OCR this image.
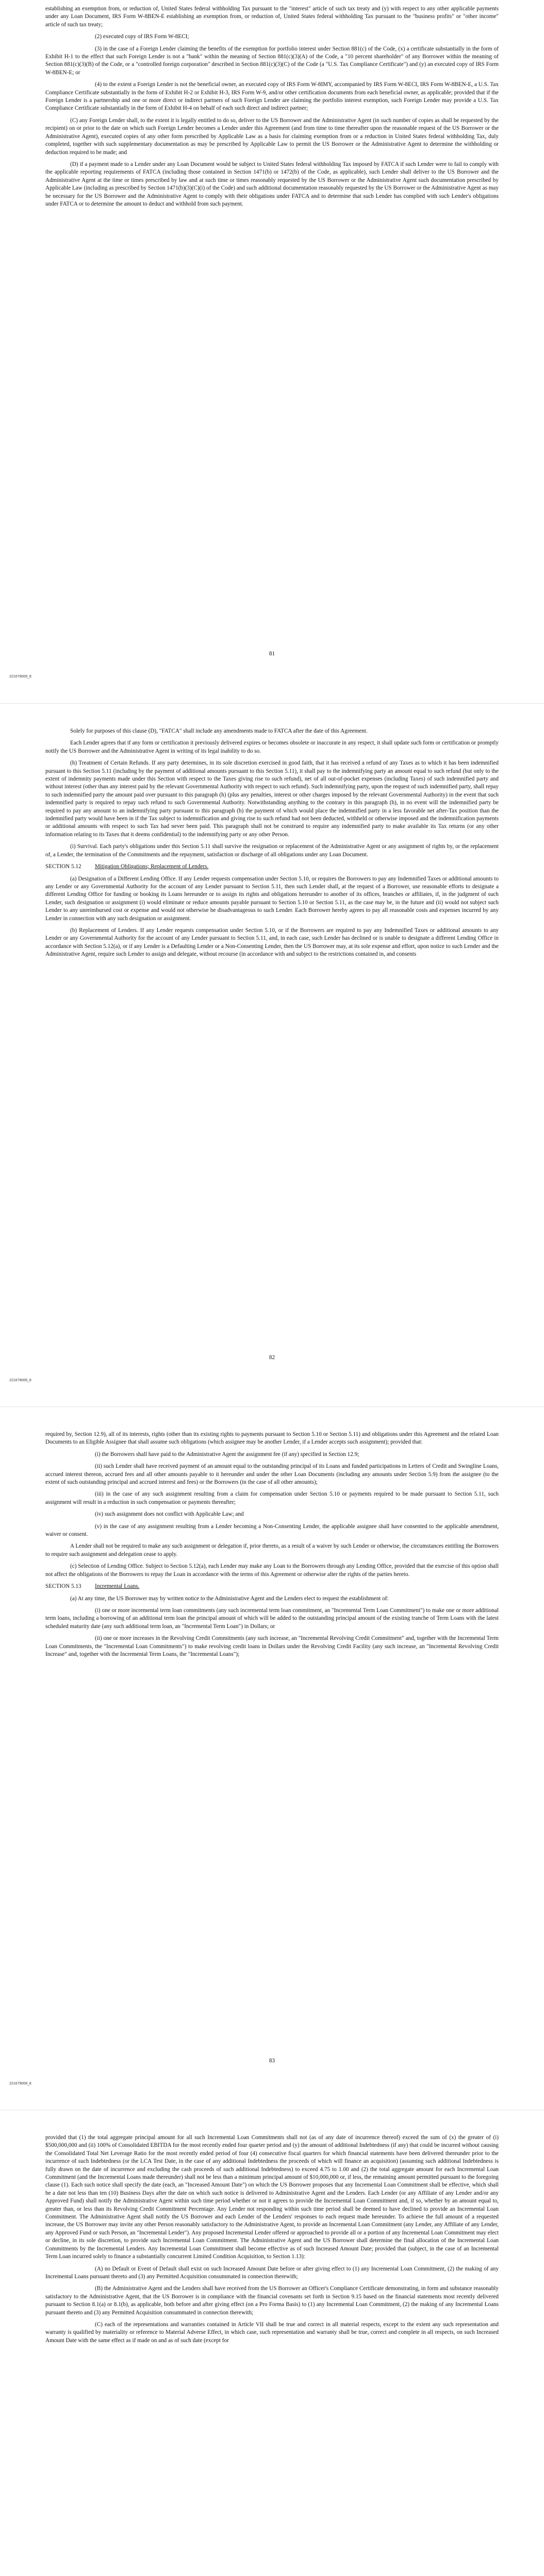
establishing an exemption from, or reduction of, United States federal withholding Tax pursuant to the "interest" article of such tax treaty and (y) with respect to any other applicable payments under any Loan Document, IRS Form W-8BEN-E establishing an exemption from, or reduction of, United States federal withholding Tax pursuant to the "business profits" or "other income" article of such tax treaty;

(2) executed copy of IRS Form W-8ECI;

(3) in the case of a Foreign Lender claiming the benefits of the exemption for portfolio interest under Section 881(c) of the Code, (x) a certificate substantially in the form of Exhibit H-1 to the effect that such Foreign Lender is not a "bank" within the meaning of Section 881(c)(3)(A) of the Code, a "10 percent shareholder" of any Borrower within the meaning of Section 881(c)(3)(B) of the Code, or a "controlled foreign corporation" described in Section 881(c)(3)(C) of the Code (a "U.S. Tax Compliance Certificate") and (y) an executed copy of IRS Form W-8BEN-E; or

(4) to the extent a Foreign Lender is not the beneficial owner, an executed copy of IRS Form W-8IMY, accompanied by IRS Form W-8ECI, IRS Form W-8BEN-E, a U.S. Tax Compliance Certificate substantially in the form of Exhibit H-2 or Exhibit H-3, IRS Form W-9, and/or other certification documents from each beneficial owner, as applicable; provided that if the Foreign Lender is a partnership and one or more direct or indirect partners of such Foreign Lender are claiming the portfolio interest exemption, such Foreign Lender may provide a U.S. Tax Compliance Certificate substantially in the form of Exhibit H-4 on behalf of each such direct and indirect partner;

(C) any Foreign Lender shall, to the extent it is legally entitled to do so, deliver to the US Borrower and the Administrative Agent (in such number of copies as shall be requested by the recipient) on or prior to the date on which such Foreign Lender becomes a Lender under this Agreement (and from time to time thereafter upon the reasonable request of the US Borrower or the Administrative Agent), executed copies of any other form prescribed by Applicable Law as a basis for claiming exemption from or a reduction in United States federal withholding Tax, duly completed, together with such supplementary documentation as may be prescribed by Applicable Law to permit the US Borrower or the Administrative Agent to determine the withholding or deduction required to be made; and

(D) if a payment made to a Lender under any Loan Document would be subject to United States federal withholding Tax imposed by FATCA if such Lender were to fail to comply with the applicable reporting requirements of FATCA (including those contained in Section 1471(b) or 1472(b) of the Code, as applicable), such Lender shall deliver to the US Borrower and the Administrative Agent at the time or times prescribed by law and at such time or times reasonably requested by the US Borrower or the Administrative Agent such documentation prescribed by Applicable Law (including as prescribed by Section 1471(b)(3)(C)(i) of the Code) and such additional documentation reasonably requested by the US Borrower or the Administrative Agent as may be necessary for the US Borrower and the Administrative Agent to comply with their obligations under FATCA and to determine that such Lender has complied with such Lender's obligations under FATCA or to determine the amount to deduct and withhold from such payment.

81
221679009_8

Solely for purposes of this clause (D), "FATCA" shall include any amendments made to FATCA after the date of this Agreement.

Each Lender agrees that if any form or certification it previously delivered expires or becomes obsolete or inaccurate in any respect, it shall update such form or certification or promptly notify the US Borrower and the Administrative Agent in writing of its legal inability to do so.

(h) Treatment of Certain Refunds. If any party determines, in its sole discretion exercised in good faith, that it has received a refund of any Taxes as to which it has been indemnified pursuant to this Section 5.11 (including by the payment of additional amounts pursuant to this Section 5.11), it shall pay to the indemnifying party an amount equal to such refund (but only to the extent of indemnity payments made under this Section with respect to the Taxes giving rise to such refund), net of all out-of-pocket expenses (including Taxes) of such indemnified party and without interest (other than any interest paid by the relevant Governmental Authority with respect to such refund). Such indemnifying party, upon the request of such indemnified party, shall repay to such indemnified party the amount paid over pursuant to this paragraph (h) (plus any penalties, interest or other charges imposed by the relevant Governmental Authority) in the event that such indemnified party is required to repay such refund to such Governmental Authority. Notwithstanding anything to the contrary in this paragraph (h), in no event will the indemnified party be required to pay any amount to an indemnifying party pursuant to this paragraph (h) the payment of which would place the indemnified party in a less favorable net after-Tax position than the indemnified party would have been in if the Tax subject to indemnification and giving rise to such refund had not been deducted, withheld or otherwise imposed and the indemnification payments or additional amounts with respect to such Tax had never been paid. This paragraph shall not be construed to require any indemnified party to make available its Tax returns (or any other information relating to its Taxes that it deems confidential) to the indemnifying party or any other Person.

(i) Survival. Each party's obligations under this Section 5.11 shall survive the resignation or replacement of the Administrative Agent or any assignment of rights by, or the replacement of, a Lender, the termination of the Commitments and the repayment, satisfaction or discharge of all obligations under any Loan Document.

SECTION 5.12 Mitigation Obligations; Replacement of Lenders.

(a) Designation of a Different Lending Office. If any Lender requests compensation under Section 5.10, or requires the Borrowers to pay any Indemnified Taxes or additional amounts to any Lender or any Governmental Authority for the account of any Lender pursuant to Section 5.11, then such Lender shall, at the request of a Borrower, use reasonable efforts to designate a different Lending Office for funding or booking its Loans hereunder or to assign its rights and obligations hereunder to another of its offices, branches or affiliates, if, in the judgment of such Lender, such designation or assignment (i) would eliminate or reduce amounts payable pursuant to Section 5.10 or Section 5.11, as the case may be, in the future and (ii) would not subject such Lender to any unreimbursed cost or expense and would not otherwise be disadvantageous to such Lender. Each Borrower hereby agrees to pay all reasonable costs and expenses incurred by any Lender in connection with any such designation or assignment.

(b) Replacement of Lenders. If any Lender requests compensation under Section 5.10, or if the Borrowers are required to pay any Indemnified Taxes or additional amounts to any Lender or any Governmental Authority for the account of any Lender pursuant to Section 5.11, and, in each case, such Lender has declined or is unable to designate a different Lending Office in accordance with Section 5.12(a), or if any Lender is a Defaulting Lender or a Non-Consenting Lender, then the US Borrower may, at its sole expense and effort, upon notice to such Lender and the Administrative Agent, require such Lender to assign and delegate, without recourse (in accordance with and subject to the restrictions contained in, and consents

82
221679009_8

required by, Section 12.9), all of its interests, rights (other than its existing rights to payments pursuant to Section 5.10 or Section 5.11) and obligations under this Agreement and the related Loan Documents to an Eligible Assignee that shall assume such obligations (which assignee may be another Lender, if a Lender accepts such assignment); provided that:

(i) the Borrowers shall have paid to the Administrative Agent the assignment fee (if any) specified in Section 12.9;

(ii) such Lender shall have received payment of an amount equal to the outstanding principal of its Loans and funded participations in Letters of Credit and Swingline Loans, accrued interest thereon, accrued fees and all other amounts payable to it hereunder and under the other Loan Documents (including any amounts under Section 5.9) from the assignee (to the extent of such outstanding principal and accrued interest and fees) or the Borrowers (in the case of all other amounts);

(iii) in the case of any such assignment resulting from a claim for compensation under Section 5.10 or payments required to be made pursuant to Section 5.11, such assignment will result in a reduction in such compensation or payments thereafter;

(iv) such assignment does not conflict with Applicable Law; and

(v) in the case of any assignment resulting from a Lender becoming a Non-Consenting Lender, the applicable assignee shall have consented to the applicable amendment, waiver or consent.

A Lender shall not be required to make any such assignment or delegation if, prior thereto, as a result of a waiver by such Lender or otherwise, the circumstances entitling the Borrowers to require such assignment and delegation cease to apply.

(c) Selection of Lending Office. Subject to Section 5.12(a), each Lender may make any Loan to the Borrowers through any Lending Office, provided that the exercise of this option shall not affect the obligations of the Borrowers to repay the Loan in accordance with the terms of this Agreement or otherwise alter the rights of the parties hereto.

SECTION 5.13 Incremental Loans.

(a) At any time, the US Borrower may by written notice to the Administrative Agent and the Lenders elect to request the establishment of:

(i) one or more incremental term loan commitments (any such incremental term loan commitment, an "Incremental Term Loan Commitment") to make one or more additional term loans, including a borrowing of an additional term loan the principal amount of which will be added to the outstanding principal amount of the existing tranche of Term Loans with the latest scheduled maturity date (any such additional term loan, an "Incremental Term Loan") in Dollars; or

(ii) one or more increases in the Revolving Credit Commitments (any such increase, an "Incremental Revolving Credit Commitment" and, together with the Incremental Term Loan Commitments, the "Incremental Loan Commitments") to make revolving credit loans in Dollars under the Revolving Credit Facility (any such increase, an "Incremental Revolving Credit Increase" and, together with the Incremental Term Loans, the "Incremental Loans");

83
221679009_8

provided that (1) the total aggregate principal amount for all such Incremental Loan Commitments shall not (as of any date of incurrence thereof) exceed the sum of (x) the greater of (i) $500,000,000 and (ii) 100% of Consolidated EBITDA for the most recently ended four quarter period and (y) the amount of additional Indebtedness (if any) that could be incurred without causing the Consolidated Total Net Leverage Ratio for the most recently ended period of four (4) consecutive fiscal quarters for which financial statements have been delivered thereunder prior to the incurrence of such Indebtedness (or the LCA Test Date, in the case of any additional Indebtedness the proceeds of which will finance an acquisition) (assuming such additional Indebtedness is fully drawn on the date of incurrence and excluding the cash proceeds of such additional Indebtedness) to exceed 4.75 to 1.00 and (2) the total aggregate amount for each Incremental Loan Commitment (and the Incremental Loans made thereunder) shall not be less than a minimum principal amount of $10,000,000 or, if less, the remaining amount permitted pursuant to the foregoing clause (1). Each such notice shall specify the date (each, an "Increased Amount Date") on which the US Borrower proposes that any Incremental Loan Commitment shall be effective, which shall be a date not less than ten (10) Business Days after the date on which such notice is delivered to Administrative Agent and the Lenders. Each Lender (or any Affiliate of any Lender and/or any Approved Fund) shall notify the Administrative Agent within such time period whether or not it agrees to provide the Incremental Loan Commitment and, if so, whether by an amount equal to, greater than, or less than its Revolving Credit Commitment Percentage. Any Lender not responding within such time period shall be deemed to have declined to provide an Incremental Loan Commitment. The Administrative Agent shall notify the US Borrower and each Lender of the Lenders' responses to each request made hereunder. To achieve the full amount of a requested increase, the US Borrower may invite any other Person reasonably satisfactory to the Administrative Agent, to provide an Incremental Loan Commitment (any Lender, any Affiliate of any Lender, any Approved Fund or such Person, an "Incremental Lender"). Any proposed Incremental Lender offered or approached to provide all or a portion of any Incremental Loan Commitment may elect or decline, in its sole discretion, to provide such Incremental Loan Commitment. The Administrative Agent and the US Borrower shall determine the final allocation of the Incremental Loan Commitments by the Incremental Lenders. Any Incremental Loan Commitment shall become effective as of such Increased Amount Date; provided that (subject, in the case of an Incremental Term Loan incurred solely to finance a substantially concurrent Limited Condition Acquisition, to Section 1.13):

(A) no Default or Event of Default shall exist on such Increased Amount Date before or after giving effect to (1) any Incremental Loan Commitment, (2) the making of any Incremental Loans pursuant thereto and (3) any Permitted Acquisition consummated in connection therewith;

(B) the Administrative Agent and the Lenders shall have received from the US Borrower an Officer's Compliance Certificate demonstrating, in form and substance reasonably satisfactory to the Administrative Agent, that the US Borrower is in compliance with the financial covenants set forth in Section 9.15 based on the financial statements most recently delivered pursuant to Section 8.1(a) or 8.1(b), as applicable, both before and after giving effect (on a Pro Forma Basis) to (1) any Incremental Loan Commitment, (2) the making of any Incremental Loans pursuant thereto and (3) any Permitted Acquisition consummated in connection therewith;

(C) each of the representations and warranties contained in Article VII shall be true and correct in all material respects, except to the extent any such representation and warranty is qualified by materiality or reference to Material Adverse Effect, in which case, such representation and warranty shall be true, correct and complete in all respects, on such Increased Amount Date with the same effect as if made on and as of such date (except for
